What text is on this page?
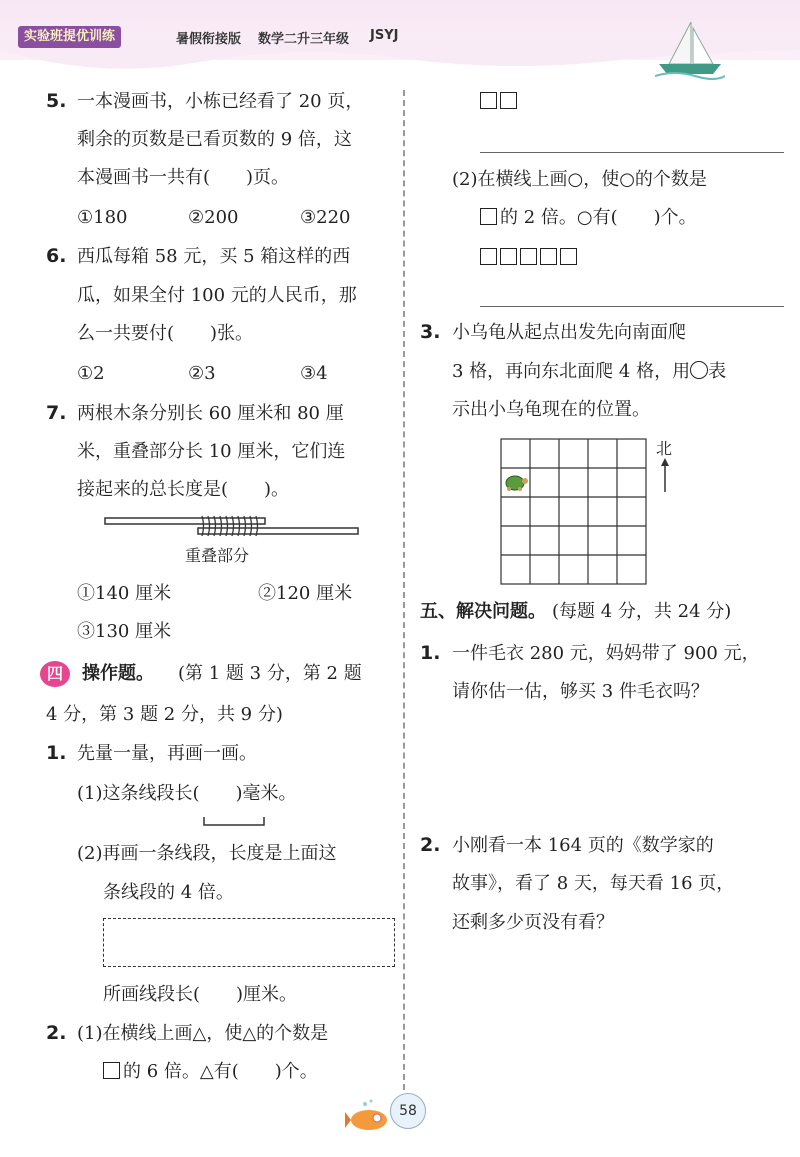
实验班提优训练	暑假衔接版 数学二升三年级 JSYJ
5. 一本漫画书，小栋已经看了 20 页，
剩余的页数是已看页数的 9 倍，这
本漫画书一共有(　　)页。
①180	②200	③220
6. 西瓜每箱 58 元，买 5 箱这样的西
瓜，如果全付 100 元的人民币，那
么一共要付(　　)张。
①2	②3	③4
7. 两根木条分别长 60 厘米和 80 厘
米，重叠部分长 10 厘米，它们连
接起来的总长度是(　　)。
重叠部分
①140 厘米	②120 厘米
③130 厘米
四	操作题。 (第 1 题 3 分，第 2 题
4 分，第 3 题 2 分，共 9 分)
1. 先量一量，再画一画。
(1)这条线段长(　　)毫米。
(2)再画一条线段，长度是上面这
条线段的 4 倍。
所画线段长(　　)厘米。
2. (1)在横线上画△，使△的个数是
的 6 倍。△有(　　)个。
(2)在横线上画○，使○的个数是
的 2 倍。○有(　　)个。
3. 小乌龟从起点出发先向南面爬
3 格，再向东北面爬 4 格，用 表
示出小乌龟现在的位置。
北
五、解决问题。 (每题 4 分，共 24 分)
1. 一件毛衣 280 元，妈妈带了 900 元，
请你估一估，够买 3 件毛衣吗？
2. 小刚看一本 164 页的《数学家的
故事》，看了 8 天，每天看 16 页，
还剩多少页没有看？
58
